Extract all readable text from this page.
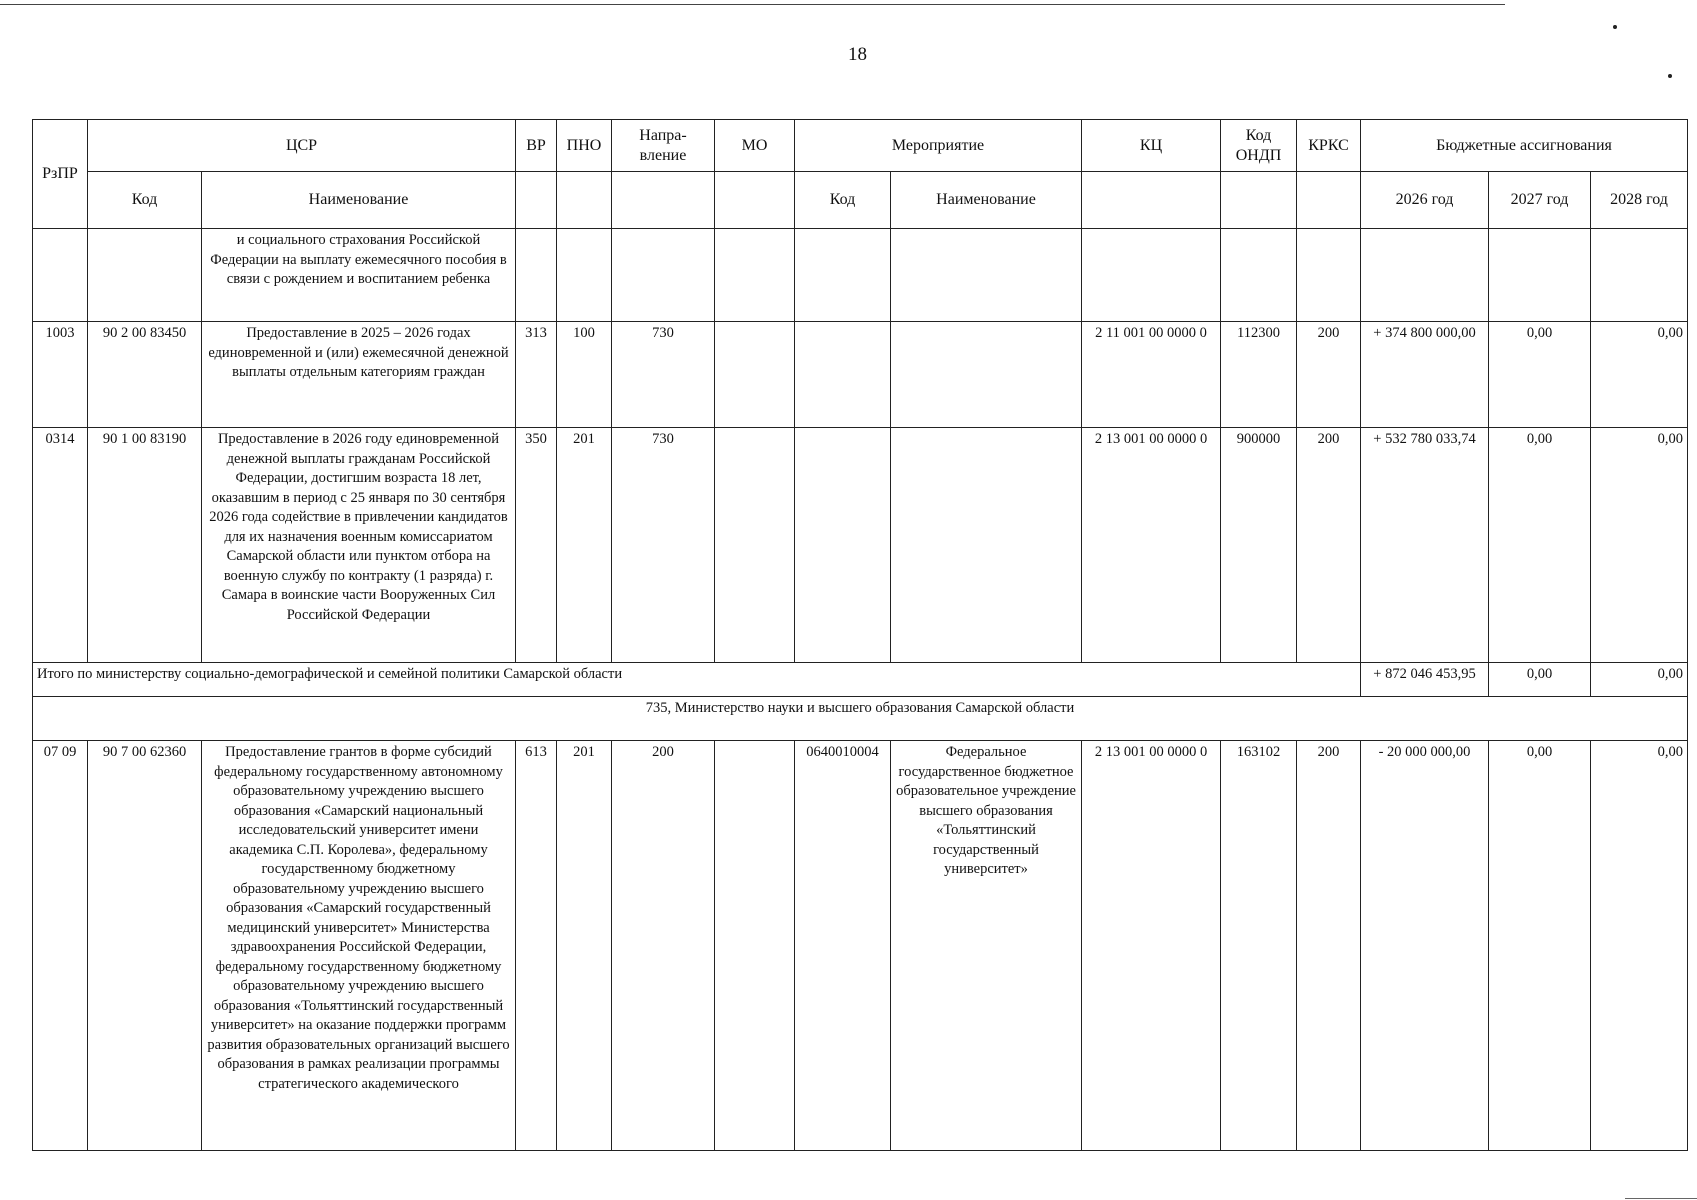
18
РзПР	ЦСР		ВР	ПНО	Напра-вление	МО	Мероприятие		КЦ	Код ОНДП	КРКС	Бюджетные ассигнования		
	Код	Наименование					Код	Наименование				2026 год	2027 год	2028 год
		и социального страхования Российской Федерации на выплату ежемесячного пособия в связи с рождением и воспитанием ребенка												
1003	90 2 00 83450	Предоставление в 2025 – 2026 годах единовременной и (или) ежемесячной денежной выплаты отдельным категориям граждан	313	100	730				2 11 001 00 0000 0	112300	200	+ 374 800 000,00	0,00	0,00
0314	90 1 00 83190	Предоставление в 2026 году единовременной денежной выплаты гражданам Российской Федерации, достигшим возраста 18 лет, оказавшим в период с 25 января по 30 сентября 2026 года содействие в привлечении кандидатов для их назначения военным комиссариатом Самарской области или пунктом отбора на военную службу по контракту (1 разряда) г. Самара в воинские части Вооруженных Сил Российской Федерации	350	201	730				2 13 001 00 0000 0	900000	200	+ 532 780 033,74	0,00	0,00
Итого по министерству социально-демографической и семейной политики Самарской области												+ 872 046 453,95	0,00	0,00
735, Министерство науки и высшего образования Самарской области														
07 09	90 7 00 62360	Предоставление грантов в форме субсидий федеральному государственному автономному образовательному учреждению высшего образования «Самарский национальный исследовательский университет имени академика С.П. Королева», федеральному государственному бюджетному образовательному учреждению высшего образования «Самарский государственный медицинский университет» Министерства здравоохранения Российской Федерации, федеральному государственному бюджетному образовательному учреждению высшего образования «Тольяттинский государственный университет» на оказание поддержки программ развития образовательных организаций высшего образования в рамках реализации программы стратегического академического	613	201	200		0640010004	Федеральное государственное бюджетное образовательное учреждение высшего образования «Тольяттинский государственный университет»	2 13 001 00 0000 0	163102	200	- 20 000 000,00	0,00	0,00
